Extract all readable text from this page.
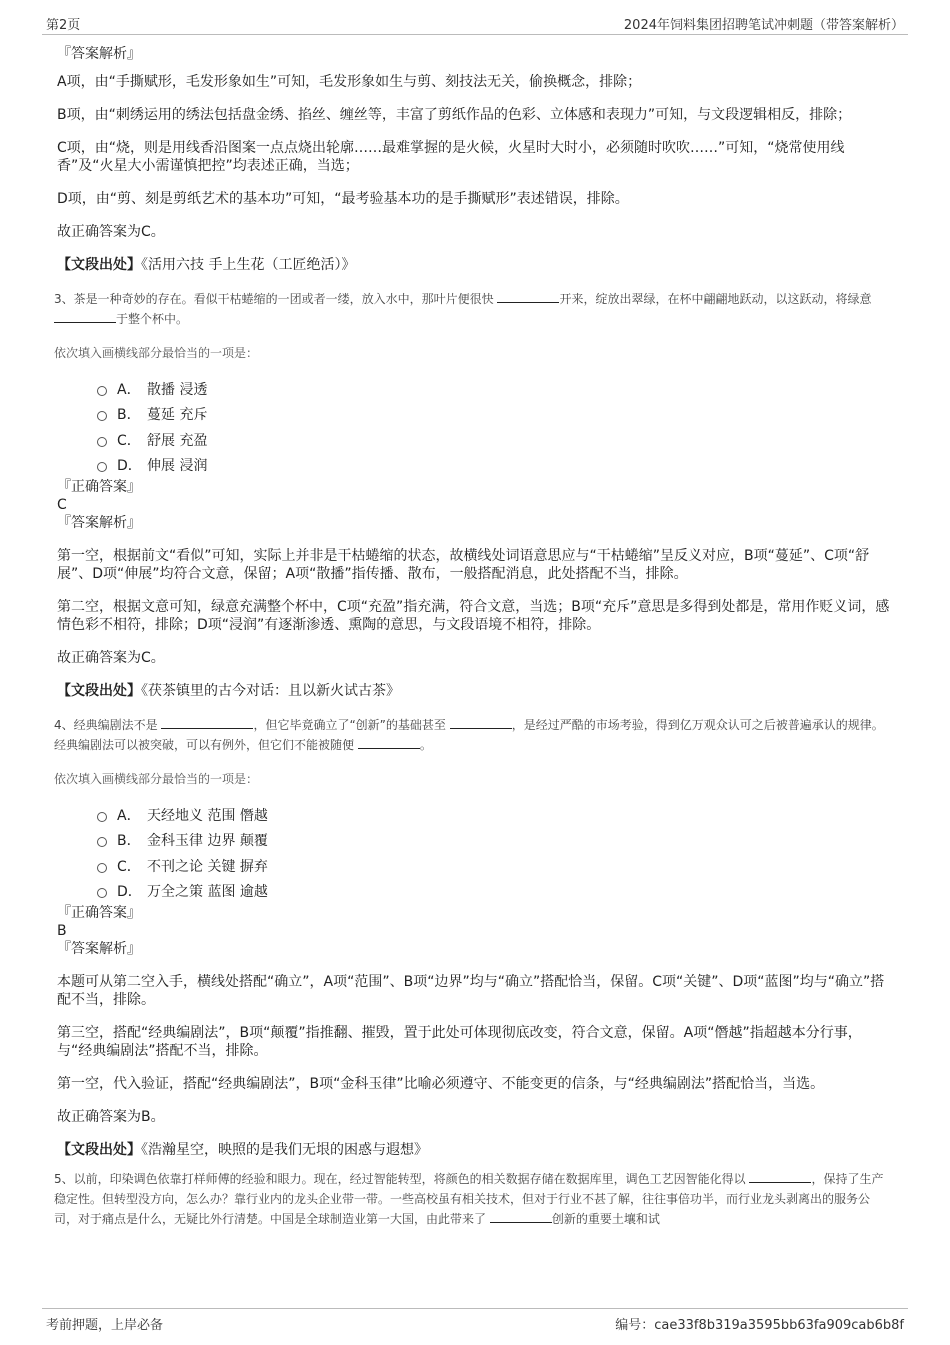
第2页	2024年饲料集团招聘笔试冲刺题（带答案解析）

『答案解析』

A项，由“手撕赋形，毛发形象如生”可知，毛发形象如生与剪、刻技法无关，偷换概念，排除；

B项，由“刺绣运用的绣法包括盘金绣、掐丝、缠丝等，丰富了剪纸作品的色彩、立体感和表现力”可知，与文段逻辑相反，排除；

C项，由“烧，则是用线香沿图案一点点烧出轮廓……最难掌握的是火候，火星时大时小，必须随时吹吹……”可知，“烧常使用线香”及“火星大小需谨慎把控”均表述正确，当选；

D项，由“剪、刻是剪纸艺术的基本功”可知，“最考验基本功的是手撕赋形”表述错误，排除。

故正确答案为C。

【文段出处】《活用六技 手上生花（工匠绝活）》

3、茶是一种奇妙的存在。看似干枯蜷缩的一团或者一缕，放入水中，那叶片便很快	开来，绽放出翠绿，在杯中翩翩地跃动，以这跃动，将绿意 于整个杯中。

依次填入画横线部分最恰当的一项是：

A． 散播 浸透
B． 蔓延 充斥
C． 舒展 充盈
D． 伸展 浸润

『正确答案』

C

『答案解析』

第一空，根据前文“看似”可知，实际上并非是干枯蜷缩的状态，故横线处词语意思应与“干枯蜷缩”呈反义对应，B项“蔓延”、C项“舒展”、D项“伸展”均符合文意，保留；A项“散播”指传播、散布，一般搭配消息，此处搭配不当，排除。

第二空，根据文意可知，绿意充满整个杯中，C项“充盈”指充满，符合文意，当选；B项“充斥”意思是多得到处都是，常用作贬义词，感情色彩不相符，排除；D项“浸润”有逐渐渗透、熏陶的意思，与文段语境不相符，排除。

故正确答案为C。

【文段出处】《茯茶镇里的古今对话：且以新火试古茶》

4、经典编剧法不是	，但它毕竟确立了“创新”的基础甚至	，是经过严酷的市场考验，得到亿万观众认可之后被普遍承认的规律。经典编剧法可以被突破，可以有例外，但它们不能被随便	。

依次填入画横线部分最恰当的一项是：

A． 天经地义 范围 僭越
B． 金科玉律 边界 颠覆
C． 不刊之论 关键 摒弃
D． 万全之策 蓝图 逾越

『正确答案』

B

『答案解析』

本题可从第二空入手，横线处搭配“确立”，A项“范围”、B项“边界”均与“确立”搭配恰当，保留。C项“关键”、D项“蓝图”均与“确立”搭配不当，排除。

第三空，搭配“经典编剧法”，B项“颠覆”指推翻、摧毁，置于此处可体现彻底改变，符合文意，保留。A项“僭越”指超越本分行事，与“经典编剧法”搭配不当，排除。

第一空，代入验证，搭配“经典编剧法”，B项“金科玉律”比喻必须遵守、不能变更的信条，与“经典编剧法”搭配恰当，当选。

故正确答案为B。

【文段出处】《浩瀚星空，映照的是我们无垠的困惑与遐想》

5、以前，印染调色依靠打样师傅的经验和眼力。现在，经过智能转型，将颜色的相关数据存储在数据库里，调色工艺因智能化得以	，保持了生产稳定性。但转型没方向，怎么办？靠行业内的龙头企业带一带。一些高校虽有相关技术，但对于行业不甚了解，往往事倍功半，而行业龙头剥离出的服务公司，对于痛点是什么，无疑比外行清楚。中国是全球制造业第一大国，由此带来了	创新的重要土壤和试

考前押题，上岸必备	编号：cae33f8b319a3595bb63fa909cab6b8f
